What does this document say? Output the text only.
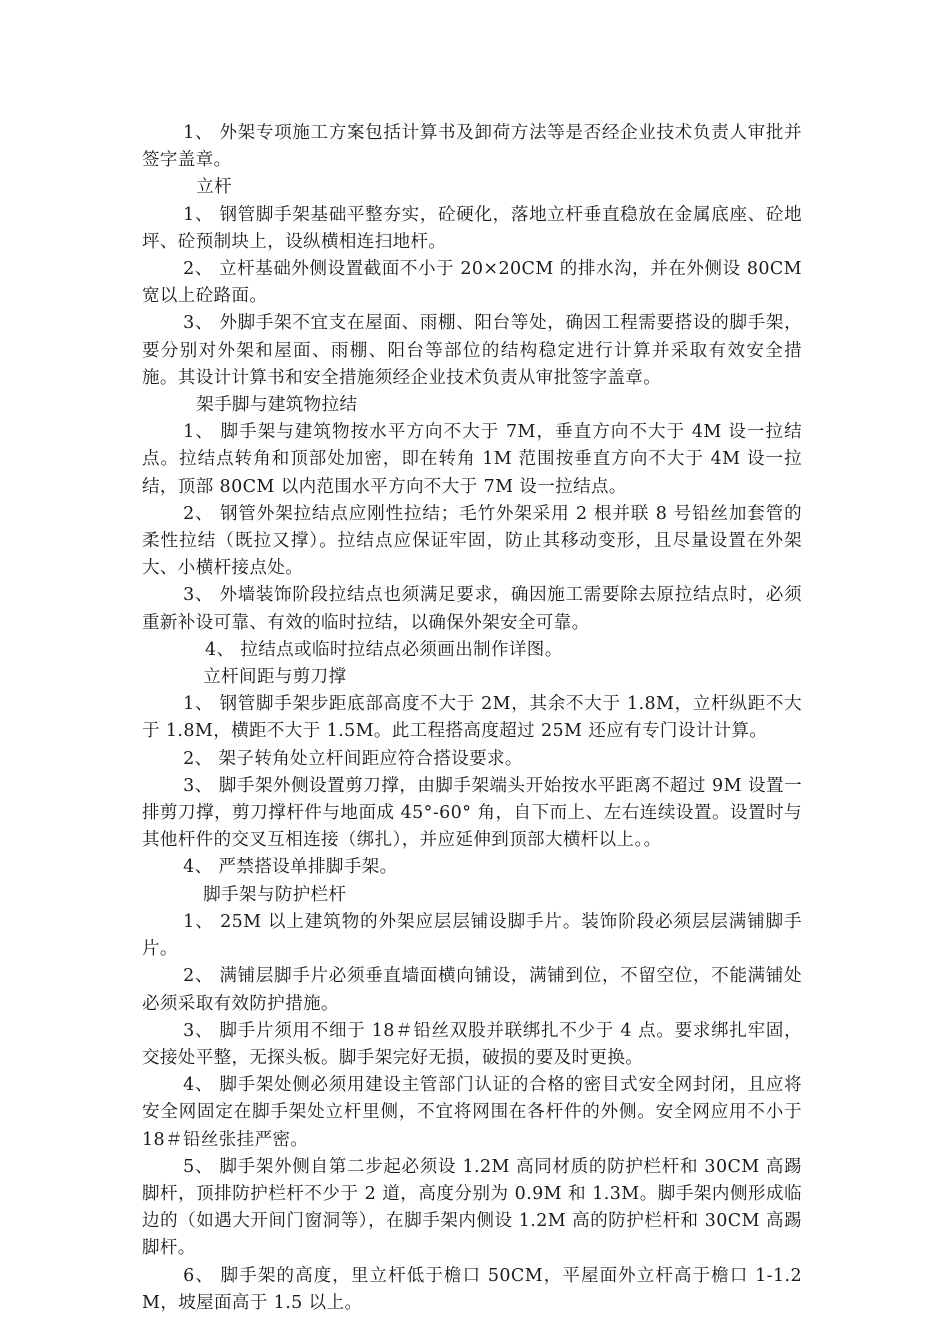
1、 外架专项施工方案包括计算书及卸荷方法等是否经企业技术负责人审批并签字盖章。

立杆

1、 钢管脚手架基础平整夯实，砼硬化，落地立杆垂直稳放在金属底座、砼地坪、砼预制块上，设纵横相连扫地杆。

2、 立杆基础外侧设置截面不小于 20×20CM 的排水沟，并在外侧设 80CM 宽以上砼路面。

3、 外脚手架不宜支在屋面、雨棚、阳台等处，确因工程需要搭设的脚手架，要分别对外架和屋面、雨棚、阳台等部位的结构稳定进行计算并采取有效安全措施。其设计计算书和安全措施须经企业技术负责从审批签字盖章。

架手脚与建筑物拉结

1、 脚手架与建筑物按水平方向不大于 7M，垂直方向不大于 4M 设一拉结点。拉结点转角和顶部处加密，即在转角 1M 范围按垂直方向不大于 4M 设一拉结，顶部 80CM 以内范围水平方向不大于 7M 设一拉结点。

2、 钢管外架拉结点应刚性拉结；毛竹外架采用 2 根并联 8 号铅丝加套管的柔性拉结（既拉又撑）。拉结点应保证牢固，防止其移动变形，且尽量设置在外架大、小横杆接点处。

3、 外墙装饰阶段拉结点也须满足要求，确因施工需要除去原拉结点时，必须重新补设可靠、有效的临时拉结，以确保外架安全可靠。

4、 拉结点或临时拉结点必须画出制作详图。

立杆间距与剪刀撑

1、 钢管脚手架步距底部高度不大于 2M，其余不大于 1.8M，立杆纵距不大于 1.8M，横距不大于 1.5M。此工程搭高度超过 25M 还应有专门设计计算。

2、 架子转角处立杆间距应符合搭设要求。

3、 脚手架外侧设置剪刀撑，由脚手架端头开始按水平距离不超过 9M 设置一排剪刀撑，剪刀撑杆件与地面成 45°-60° 角，自下而上、左右连续设置。设置时与其他杆件的交叉互相连接（绑扎），并应延伸到顶部大横杆以上。。

4、 严禁搭设单排脚手架。

脚手架与防护栏杆

1、 25M 以上建筑物的外架应层层铺设脚手片。装饰阶段必须层层满铺脚手片。

2、 满铺层脚手片必须垂直墙面横向铺设，满铺到位，不留空位，不能满铺处必须采取有效防护措施。

3、 脚手片须用不细于 18＃铅丝双股并联绑扎不少于 4 点。要求绑扎牢固，交接处平整，无探头板。脚手架完好无损，破损的要及时更换。

4、 脚手架处侧必须用建设主管部门认证的合格的密目式安全网封闭，且应将安全网固定在脚手架处立杆里侧，不宜将网围在各杆件的外侧。安全网应用不小于 18＃铅丝张挂严密。

5、 脚手架外侧自第二步起必须设 1.2M 高同材质的防护栏杆和 30CM 高踢脚杆，顶排防护栏杆不少于 2 道，高度分别为 0.9M 和 1.3M。脚手架内侧形成临边的（如遇大开间门窗洞等），在脚手架内侧设 1.2M 高的防护栏杆和 30CM 高踢脚杆。

6、 脚手架的高度，里立杆低于檐口 50CM，平屋面外立杆高于檐口 1-1.2M，坡屋面高于 1.5 以上。
